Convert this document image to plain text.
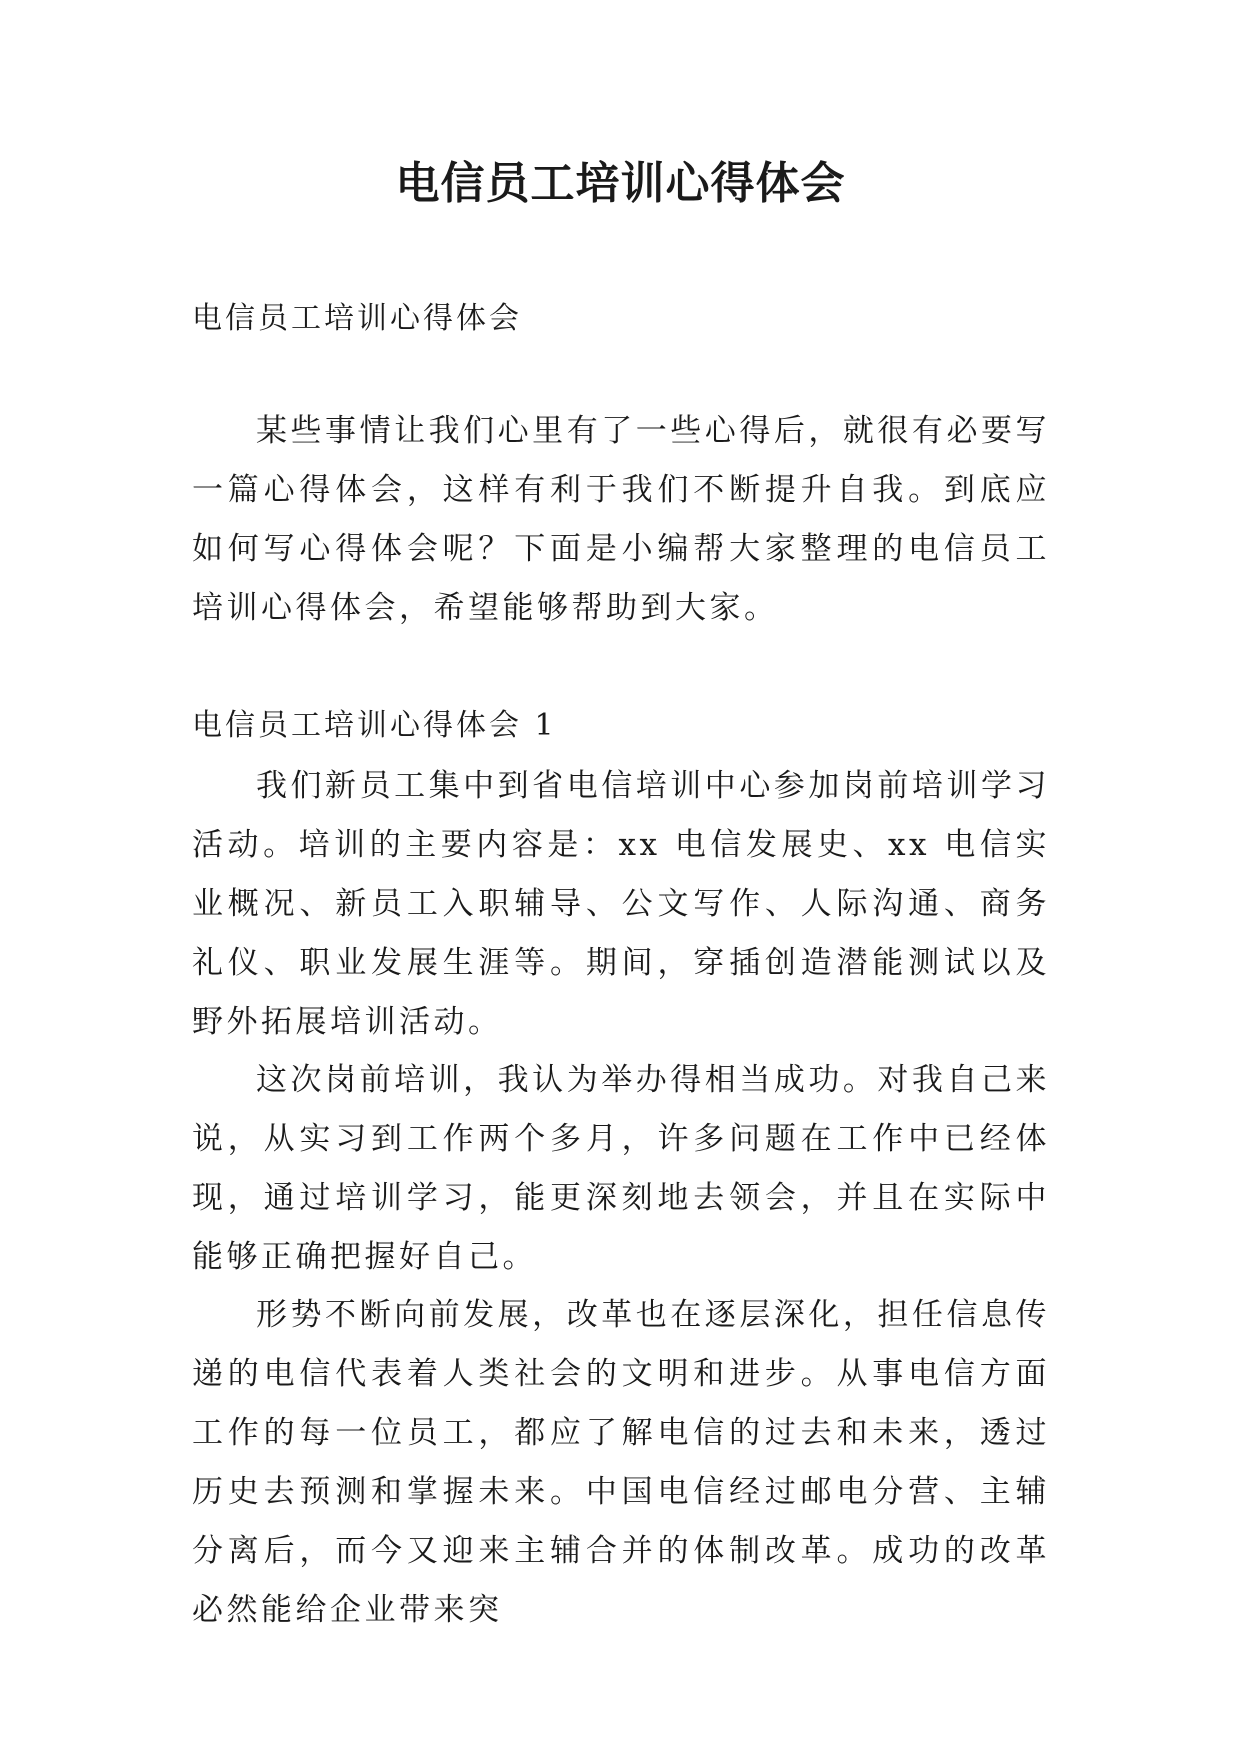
电信员工培训心得体会

电信员工培训心得体会

某些事情让我们心里有了一些心得后，就很有必要写一篇心得体会，这样有利于我们不断提升自我。到底应如何写心得体会呢？下面是小编帮大家整理的电信员工培训心得体会，希望能够帮助到大家。

电信员工培训心得体会 1

我们新员工集中到省电信培训中心参加岗前培训学习活动。培训的主要内容是：xx 电信发展史、xx 电信实业概况、新员工入职辅导、公文写作、人际沟通、商务礼仪、职业发展生涯等。期间，穿插创造潜能测试以及野外拓展培训活动。

这次岗前培训，我认为举办得相当成功。对我自己来说，从实习到工作两个多月，许多问题在工作中已经体现，通过培训学习，能更深刻地去领会，并且在实际中能够正确把握好自己。

形势不断向前发展，改革也在逐层深化，担任信息传递的电信代表着人类社会的文明和进步。从事电信方面工作的每一位员工，都应了解电信的过去和未来，透过历史去预测和掌握未来。中国电信经过邮电分营、主辅分离后，而今又迎来主辅合并的体制改革。成功的改革必然能给企业带来突
